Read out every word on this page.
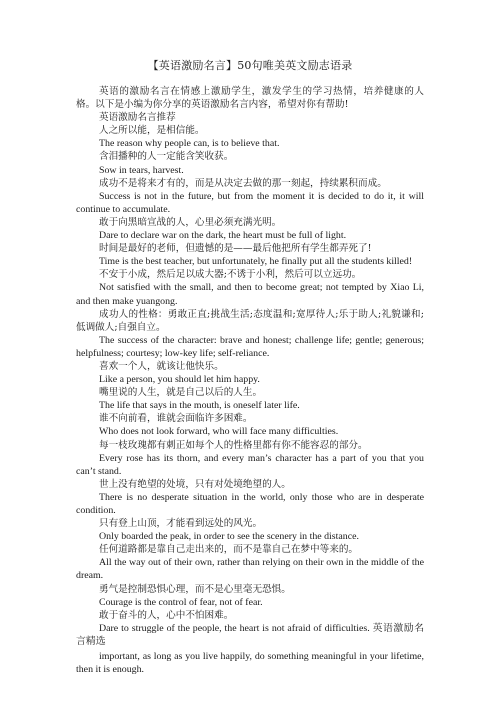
【英语激励名言】50句唯美英文励志语录

英语的激励名言在情感上激励学生，激发学生的学习热情，培养健康的人格。以下是小编为你分享的英语激励名言内容，希望对你有帮助!

英语激励名言推荐

人之所以能，是相信能。

The reason why people can, is to believe that.

含泪播种的人一定能含笑收获。

Sow in tears, harvest.

成功不是将来才有的，而是从决定去做的那一刻起，持续累积而成。

Success is not in the future, but from the moment it is decided to do it, it will continue to accumulate.

敢于向黑暗宣战的人，心里必须充满光明。

Dare to declare war on the dark, the heart must be full of light.

时间是最好的老师，但遗憾的是——最后他把所有学生都弄死了!

Time is the best teacher, but unfortunately, he finally put all the students killed!

不安于小成，然后足以成大器;不诱于小利，然后可以立远功。

Not satisfied with the small, and then to become great; not tempted by Xiao Li, and then make yuangong.

成功人的性格：勇敢正直;挑战生活;态度温和;宽厚待人;乐于助人;礼貌谦和;低调做人;自强自立。

The success of the character: brave and honest; challenge life; gentle; generous; helpfulness; courtesy; low-key life; self-reliance.

喜欢一个人，就该让他快乐。

Like a person, you should let him happy.

嘴里说的人生，就是自己以后的人生。

The life that says in the mouth, is oneself later life.

谁不向前看，谁就会面临许多困难。

Who does not look forward, who will face many difficulties.

每一枝玫瑰都有刺正如每个人的性格里都有你不能容忍的部分。

Every rose has its thorn, and every man’s character has a part of you that you can’t stand.

世上没有绝望的处境，只有对处境绝望的人。

There is no desperate situation in the world, only those who are in desperate condition.

只有登上山顶，才能看到远处的风光。

Only boarded the peak, in order to see the scenery in the distance.

任何道路都是靠自己走出来的，而不是靠自己在梦中等来的。

All the way out of their own, rather than relying on their own in the middle of the dream.

勇气是控制恐惧心理，而不是心里毫无恐惧。

Courage is the control of fear, not of fear.

敢于奋斗的人，心中不怕困难。

Dare to struggle of the people, the heart is not afraid of difficulties. 英语激励名言精选

important, as long as you live happily, do something meaningful in your lifetime, then it is enough.
